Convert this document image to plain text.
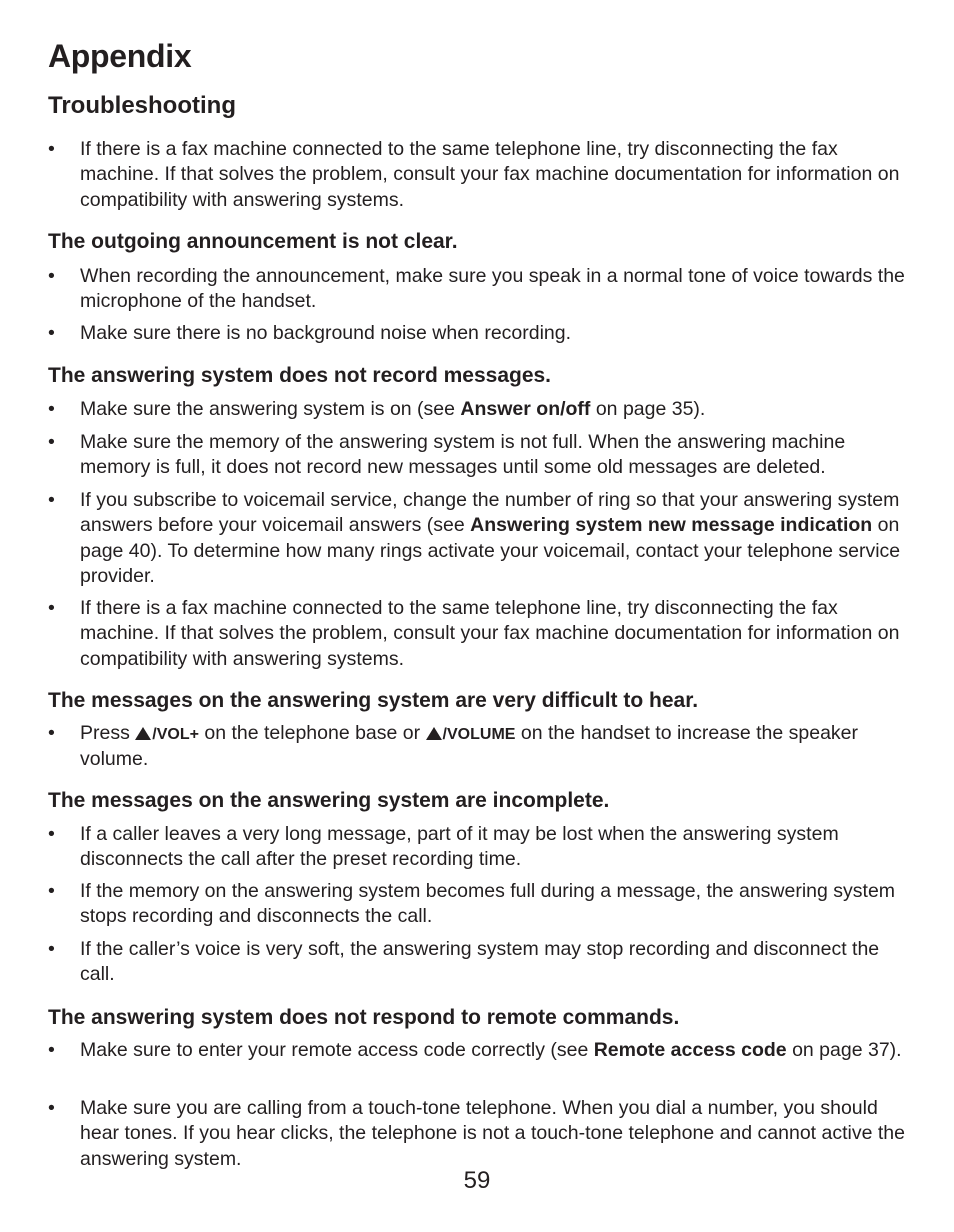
Appendix
Troubleshooting
•	If there is a fax machine connected to the same telephone line, try disconnecting the fax machine. If that solves the problem, consult your fax machine documentation for information on compatibility with answering systems.
The outgoing announcement is not clear.
•	When recording the announcement, make sure you speak in a normal tone of voice towards the microphone of the handset.
•	Make sure there is no background noise when recording.
The answering system does not record messages.
•	Make sure the answering system is on (see Answer on/off on page 35).
•	Make sure the memory of the answering system is not full. When the answering machine memory is full, it does not record new messages until some old messages are deleted.
•	If you subscribe to voicemail service, change the number of ring so that your answering system answers before your voicemail answers (see Answering system new message indication on page 40). To determine how many rings activate your voicemail, contact your telephone service provider.
•	If there is a fax machine connected to the same telephone line, try disconnecting the fax machine. If that solves the problem, consult your fax machine documentation for information on compatibility with answering systems.
The messages on the answering system are very difficult to hear.
•	Press /VOL+ on the telephone base or /VOLUME on the handset to increase the speaker volume.
The messages on the answering system are incomplete.
•	If a caller leaves a very long message, part of it may be lost when the answering system disconnects the call after the preset recording time.
•	If the memory on the answering system becomes full during a message, the answering system stops recording and disconnects the call.
•	If the caller’s voice is very soft, the answering system may stop recording and disconnect the call.
The answering system does not respond to remote commands.
•	Make sure to enter your remote access code correctly (see Remote access code on page 37).
•	Make sure you are calling from a touch-tone telephone. When you dial a number, you should hear tones. If you hear clicks, the telephone is not a touch-tone telephone and cannot active the answering system.
59
